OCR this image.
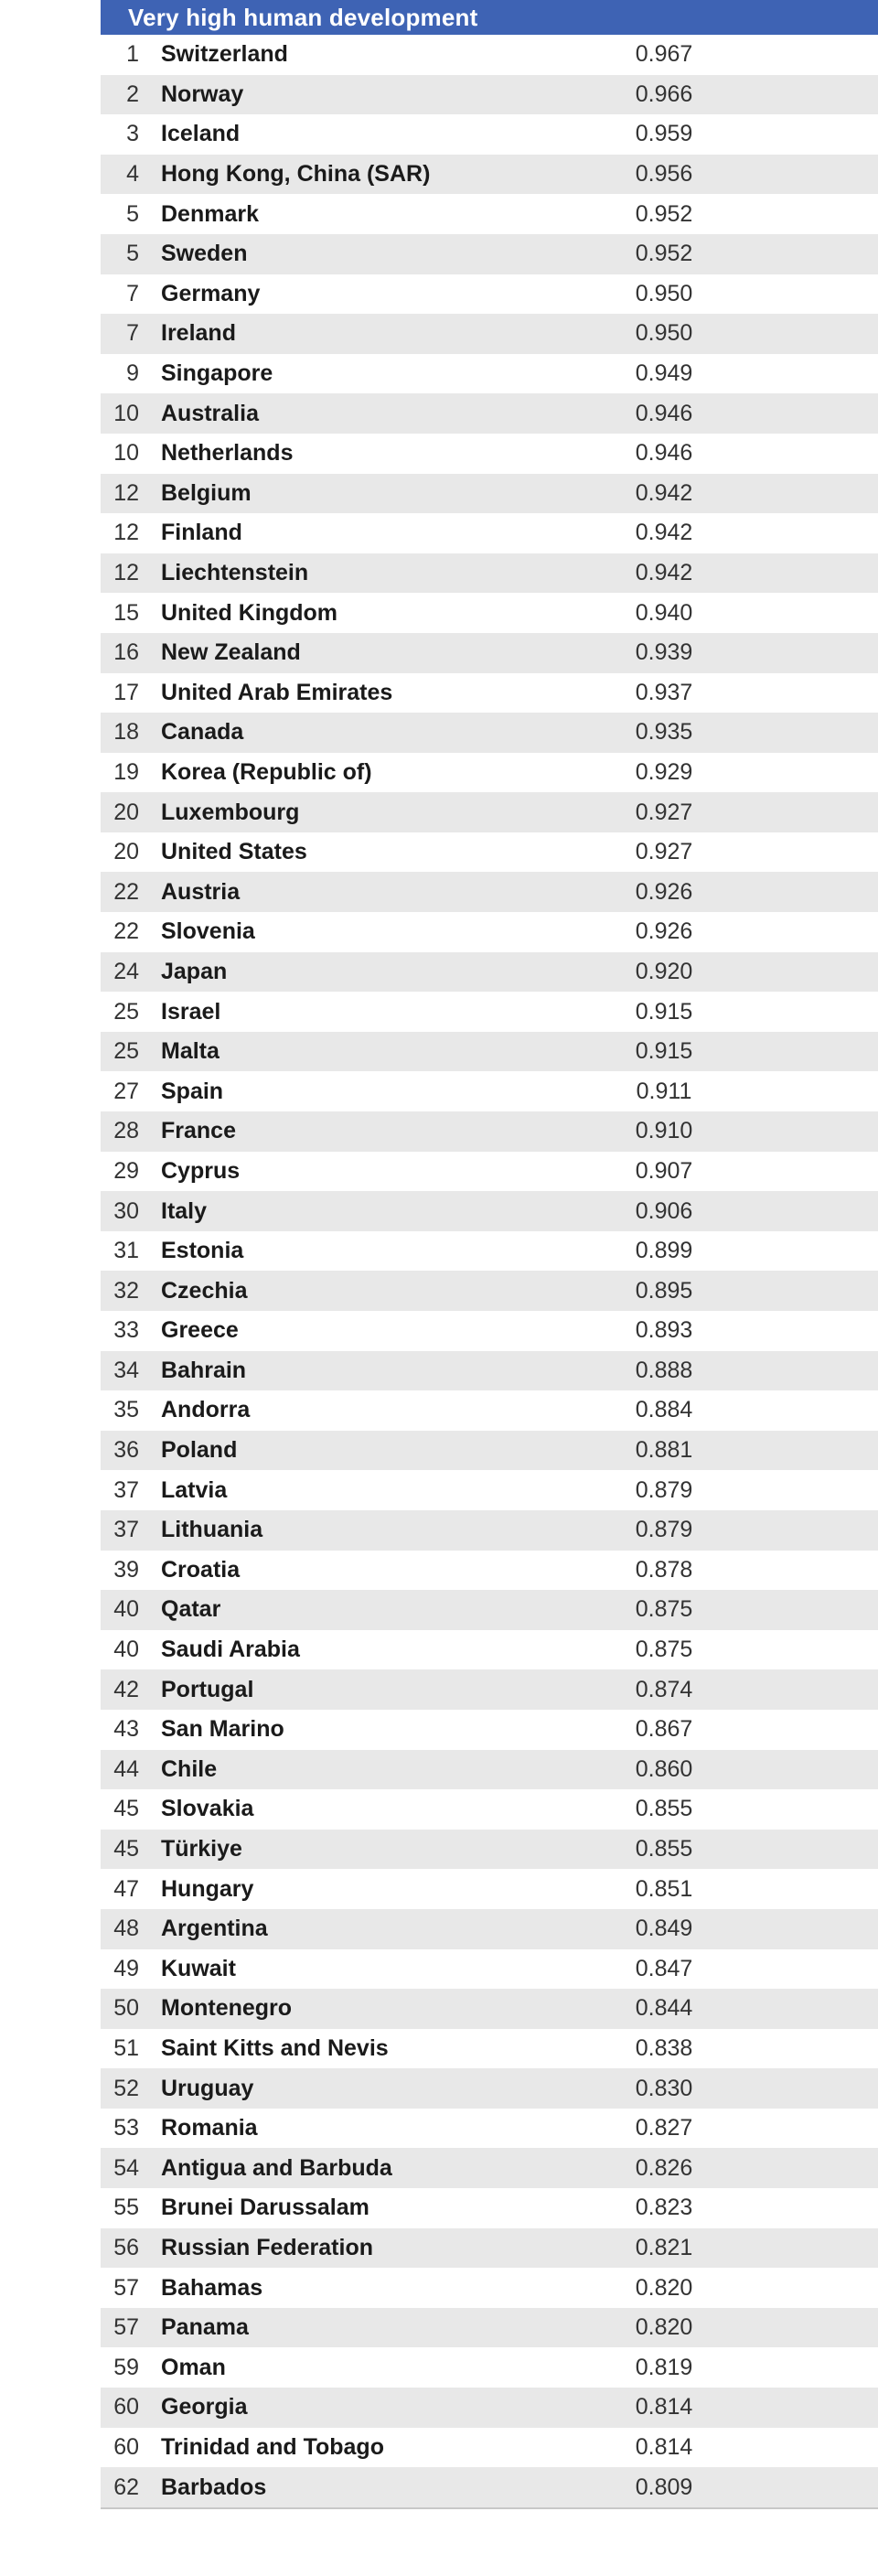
Very high human development
1 Switzerland	0.967
2 Norway	0.966
3 Iceland	0.959
4 Hong Kong, China (SAR)	0.956
5 Denmark	0.952
5 Sweden	0.952
7 Germany	0.950
7 Ireland	0.950
9 Singapore	0.949
10 Australia	0.946
10 Netherlands	0.946
12 Belgium	0.942
12 Finland	0.942
12 Liechtenstein	0.942
15 United Kingdom	0.940
16 New Zealand	0.939
17 United Arab Emirates	0.937
18 Canada	0.935
19 Korea (Republic of)	0.929
20 Luxembourg	0.927
20 United States	0.927
22 Austria	0.926
22 Slovenia	0.926
24 Japan	0.920
25 Israel	0.915
25 Malta	0.915
27 Spain	0.911
28 France	0.910
29 Cyprus	0.907
30 Italy	0.906
31 Estonia	0.899
32 Czechia	0.895
33 Greece	0.893
34 Bahrain	0.888
35 Andorra	0.884
36 Poland	0.881
37 Latvia	0.879
37 Lithuania	0.879
39 Croatia	0.878
40 Qatar	0.875
40 Saudi Arabia	0.875
42 Portugal	0.874
43 San Marino	0.867
44 Chile	0.860
45 Slovakia	0.855
45 Türkiye	0.855
47 Hungary	0.851
48 Argentina	0.849
49 Kuwait	0.847
50 Montenegro	0.844
51 Saint Kitts and Nevis	0.838
52 Uruguay	0.830
53 Romania	0.827
54 Antigua and Barbuda	0.826
55 Brunei Darussalam	0.823
56 Russian Federation	0.821
57 Bahamas	0.820
57 Panama	0.820
59 Oman	0.819
60 Georgia	0.814
60 Trinidad and Tobago	0.814
62 Barbados	0.809
